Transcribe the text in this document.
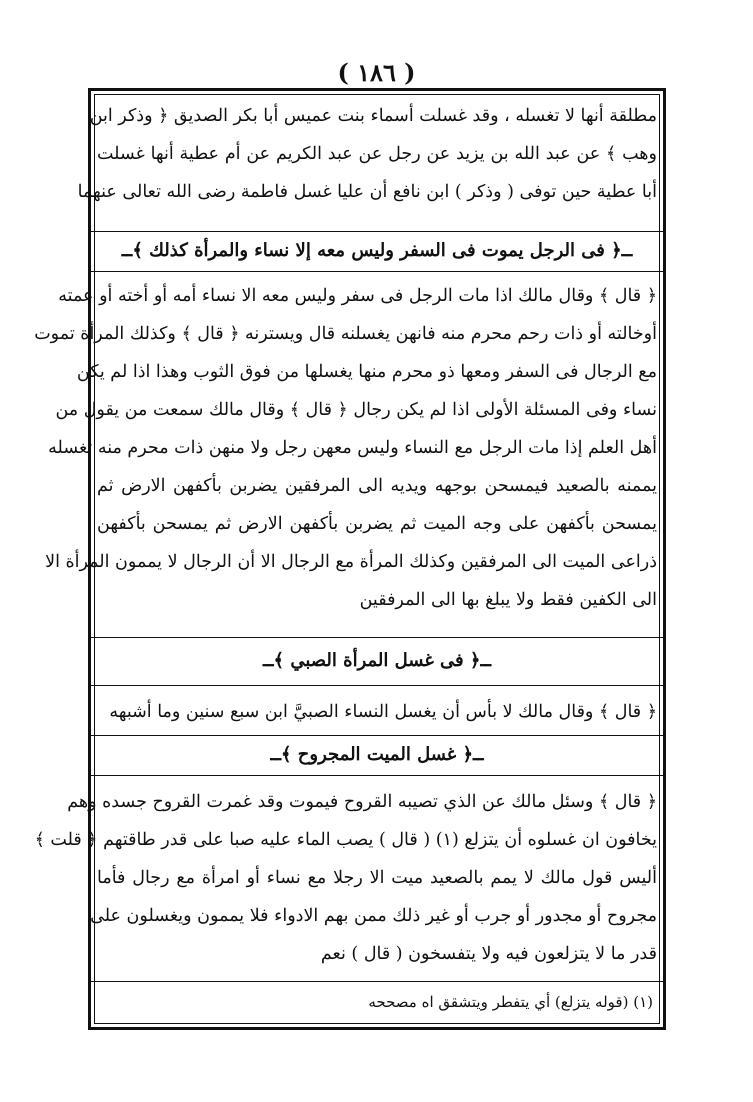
( ١٨٦ )
مطلقة أنها لا تغسله ، وقد غسلت أسماء بنت عميس أبا بكر الصديق ﴿ وذكر ابن
وهب ﴾ عن عبد الله بن يزيد عن رجل عن عبد الكريم عن أم عطية أنها غسلت
أبا عطية حين توفى ( وذكر ) ابن نافع أن عليا غسل فاطمة رضى الله تعالى عنهما
ــ﴿ فى الرجل يموت فى السفر وليس معه إلا نساء والمرأة كذلك ﴾ــ
﴿ قال ﴾ وقال مالك اذا مات الرجل فى سفر وليس معه الا نساء أمه أو أخته أو عمته
أوخالته أو ذات رحم محرم منه فانهن يغسلنه قال ويسترنه ﴿ قال ﴾ وكذلك المرأة تموت
مع الرجال فى السفر ومعها ذو محرم منها يغسلها من فوق الثوب وهذا اذا لم يكن
نساء وفى المسئلة الأولى اذا لم يكن رجال ﴿ قال ﴾ وقال مالك سمعت من يقول من
أهل العلم إذا مات الرجل مع النساء وليس معهن رجل ولا منهن ذات محرم منه تغسله
يممنه بالصعيد فيمسحن بوجهه ويديه الى المرفقين يضربن بأكفهن الارض ثم
يمسحن بأكفهن على وجه الميت ثم يضربن بأكفهن الارض ثم يمسحن بأكفهن
ذراعى الميت الى المرفقين وكذلك المرأة مع الرجال الا أن الرجال لا يممون المرأة الا
الى الكفين فقط ولا يبلغ بها الى المرفقين
ــ﴿ فى غسل المرأة الصبي ﴾ــ
﴿ قال ﴾ وقال مالك لا بأس أن يغسل النساء الصبيَّ ابن سبع سنين وما أشبهه
ــ﴿ غسل الميت المجروح ﴾ــ
﴿ قال ﴾ وسئل مالك عن الذي تصيبه القروح فيموت وقد غمرت القروح جسده وهم
يخافون ان غسلوه أن يتزلع (١) ( قال ) يصب الماء عليه صبا على قدر طاقتهم ﴿ قلت ﴾
أليس قول مالك لا يمم بالصعيد ميت الا رجلا مع نساء أو امرأة مع رجال فأما
مجروح أو مجدور أو جرب أو غير ذلك ممن بهم الادواء فلا يممون ويغسلون على
قدر ما لا يتزلعون فيه ولا يتفسخون ( قال ) نعم
(١) (قوله يتزلع) أي يتفطر ويتشقق اه مصححه
